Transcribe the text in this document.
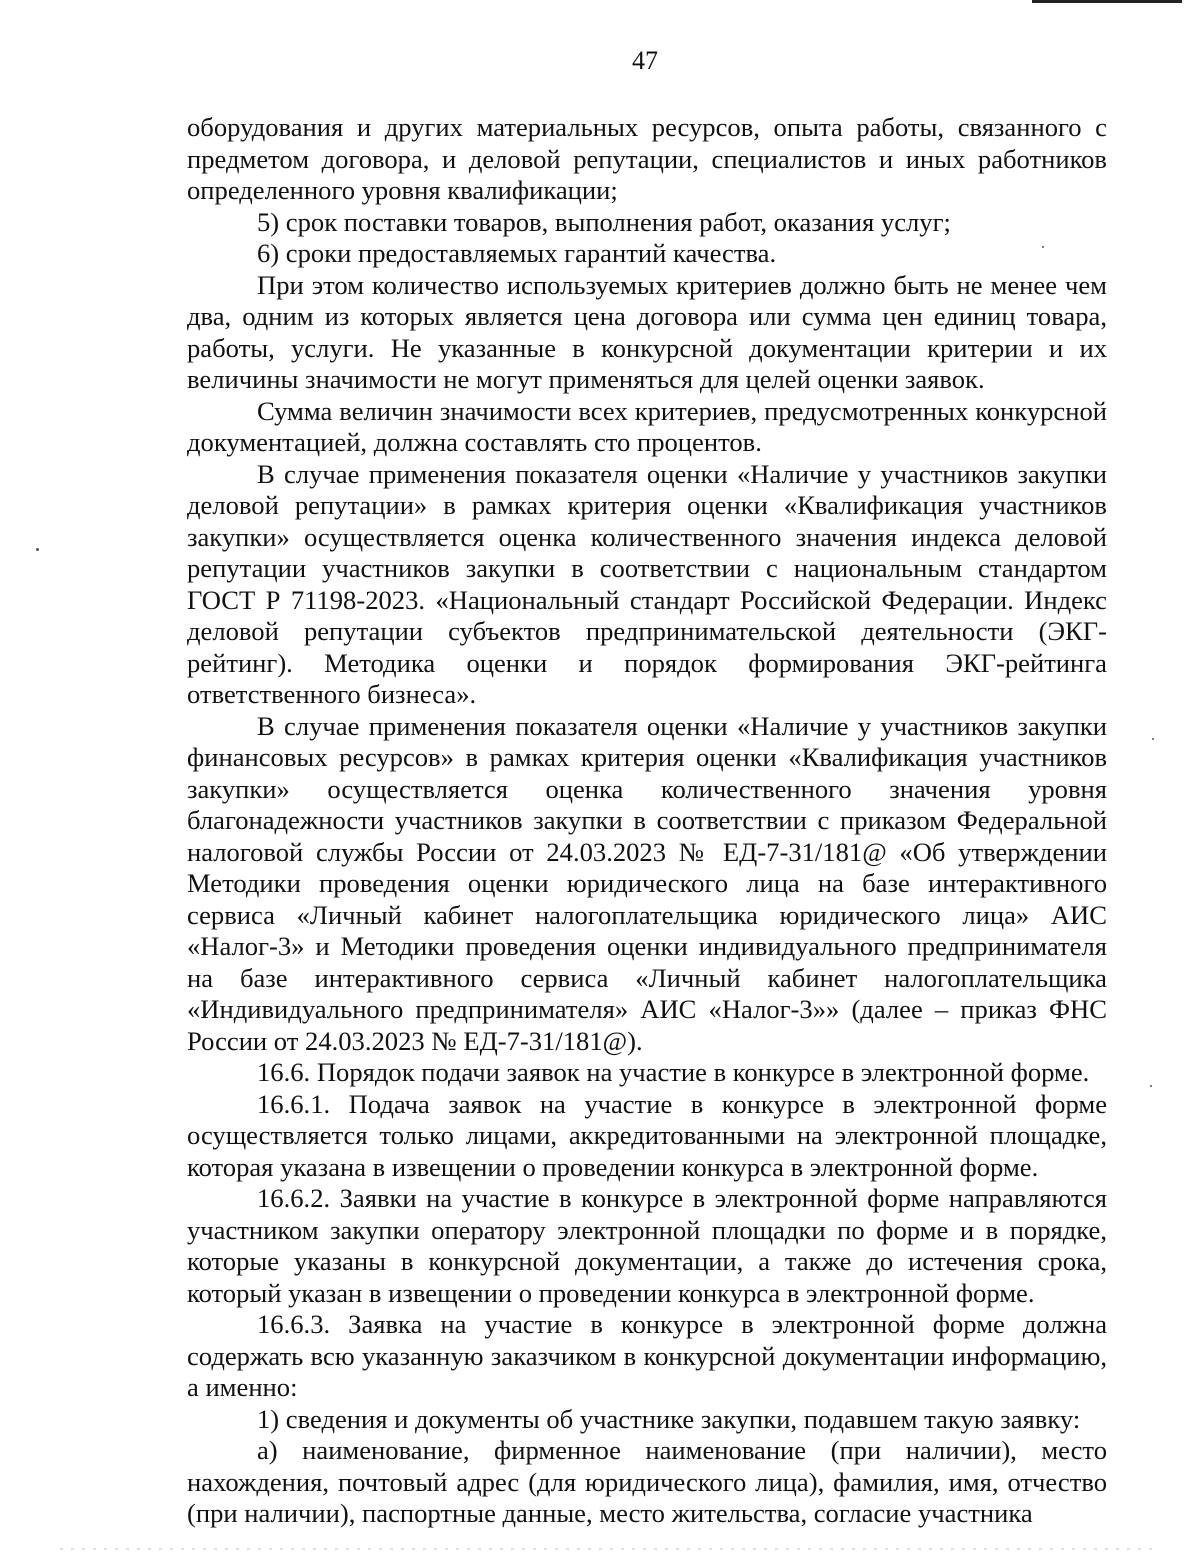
47

оборудования и других материальных ресурсов, опыта работы, связанного с предметом договора, и деловой репутации, специалистов и иных работников определенного уровня квалификации;

5) срок поставки товаров, выполнения работ, оказания услуг;

6) сроки предоставляемых гарантий качества.

При этом количество используемых критериев должно быть не менее чем два, одним из которых является цена договора или сумма цен единиц товара, работы, услуги. Не указанные в конкурсной документации критерии и их величины значимости не могут применяться для целей оценки заявок.

Сумма величин значимости всех критериев, предусмотренных конкурсной документацией, должна составлять сто процентов.

В случае применения показателя оценки «Наличие у участников закупки деловой репутации» в рамках критерия оценки «Квалификация участников закупки» осуществляется оценка количественного значения индекса деловой репутации участников закупки в соответствии с национальным стандартом ГОСТ Р 71198-2023. «Национальный стандарт Российской Федерации. Индекс деловой репутации субъектов предпринимательской деятельности (ЭКГ-рейтинг). Методика оценки и порядок формирования ЭКГ-рейтинга ответственного бизнеса».

В случае применения показателя оценки «Наличие у участников закупки финансовых ресурсов» в рамках критерия оценки «Квалификация участников закупки» осуществляется оценка количественного значения уровня благонадежности участников закупки в соответствии с приказом Федеральной налоговой службы России от 24.03.2023 № ЕД-7-31/181@ «Об утверждении Методики проведения оценки юридического лица на базе интерактивного сервиса «Личный кабинет налогоплательщика юридического лица» АИС «Налог-3» и Методики проведения оценки индивидуального предпринимателя на базе интерактивного сервиса «Личный кабинет налогоплательщика «Индивидуального предпринимателя» АИС «Налог-3»» (далее – приказ ФНС России от 24.03.2023 № ЕД-7-31/181@).

16.6. Порядок подачи заявок на участие в конкурсе в электронной форме.

16.6.1. Подача заявок на участие в конкурсе в электронной форме осуществляется только лицами, аккредитованными на электронной площадке, которая указана в извещении о проведении конкурса в электронной форме.

16.6.2. Заявки на участие в конкурсе в электронной форме направляются участником закупки оператору электронной площадки по форме и в порядке, которые указаны в конкурсной документации, а также до истечения срока, который указан в извещении о проведении конкурса в электронной форме.

16.6.3. Заявка на участие в конкурсе в электронной форме должна содержать всю указанную заказчиком в конкурсной документации информацию, а именно:

1) сведения и документы об участнике закупки, подавшем такую заявку:

а) наименование, фирменное наименование (при наличии), место нахождения, почтовый адрес (для юридического лица), фамилия, имя, отчество (при наличии), паспортные данные, место жительства, согласие участника
